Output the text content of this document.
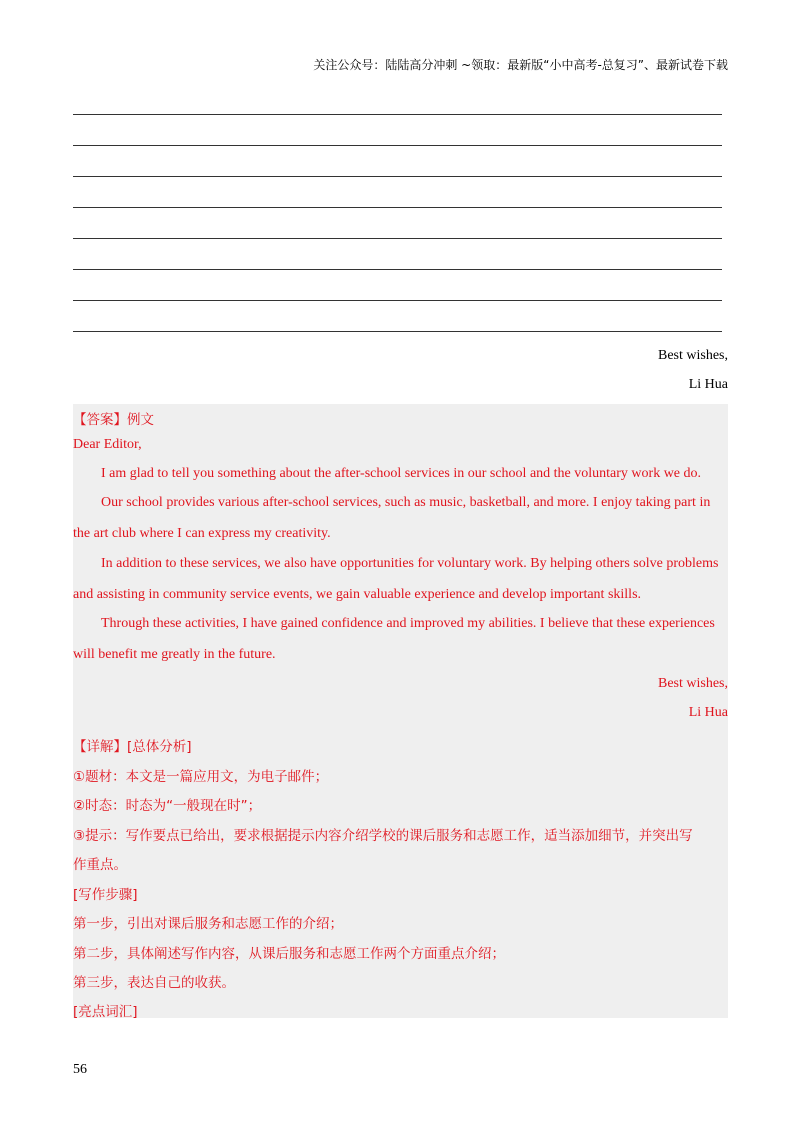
关注公众号：陆陆高分冲刺 ~领取：最新版“小中高考-总复习”、最新试卷下载
Best wishes,
Li Hua
【答案】例文
Dear Editor,
I am glad to tell you something about the after-school services in our school and the voluntary work we do.
Our school provides various after-school services, such as music, basketball, and more. I enjoy taking part in
the art club where I can express my creativity.
In addition to these services, we also have opportunities for voluntary work. By helping others solve problems
and assisting in community service events, we gain valuable experience and develop important skills.
Through these activities, I have gained confidence and improved my abilities. I believe that these experiences
will benefit me greatly in the future.
Best wishes,
Li Hua
【详解】[总体分析]
①题材：本文是一篇应用文，为电子邮件；
②时态：时态为“一般现在时”；
③提示：写作要点已给出，要求根据提示内容介绍学校的课后服务和志愿工作，适当添加细节，并突出写
作重点。
[写作步骤]
第一步，引出对课后服务和志愿工作的介绍；
第二步，具体阐述写作内容，从课后服务和志愿工作两个方面重点介绍；
第三步，表达自己的收获。
[亮点词汇]
56
